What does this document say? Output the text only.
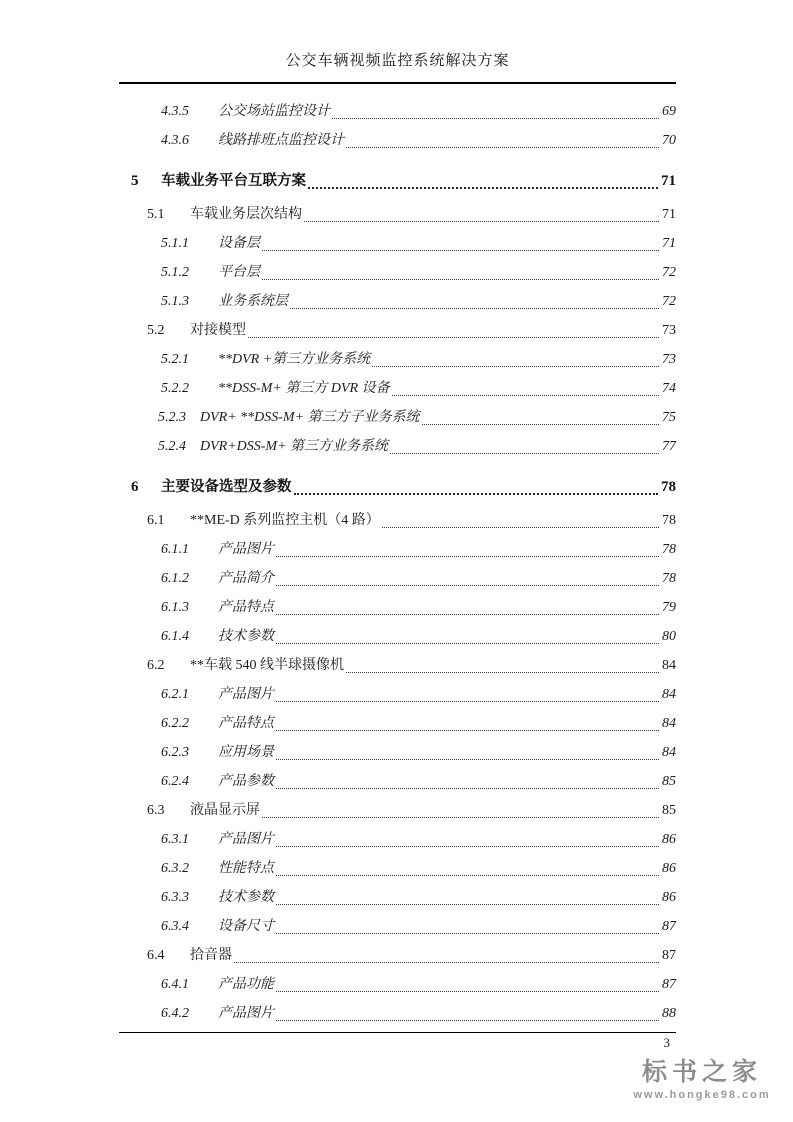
公交车辆视频监控系统解决方案
4.3.5	公交场站监控设计	69
4.3.6	线路排班点监控设计	70
5	车载业务平台互联方案	71
5.1	车载业务层次结构	71
5.1.1	设备层	71
5.1.2	平台层	72
5.1.3	业务系统层	72
5.2	对接模型	73
5.2.1	**DVR +第三方业务系统	73
5.2.2	**DSS-M+ 第三方 DVR 设备	74
5.2.3	DVR+ **DSS-M+ 第三方子业务系统	75
5.2.4	DVR+DSS-M+ 第三方业务系统	77
6	主要设备选型及参数	78
6.1	**ME-D 系列监控主机（4 路）	78
6.1.1	产品图片	78
6.1.2	产品简介	78
6.1.3	产品特点	79
6.1.4	技术参数	80
6.2	**车载 540 线半球摄像机	84
6.2.1	产品图片	84
6.2.2	产品特点	84
6.2.3	应用场景	84
6.2.4	产品参数	85
6.3	液晶显示屏	85
6.3.1	产品图片	86
6.3.2	性能特点	86
6.3.3	技术参数	86
6.3.4	设备尺寸	87
6.4	拾音器	87
6.4.1	产品功能	87
6.4.2	产品图片	88
3
标书之家
www.hongke98.com
